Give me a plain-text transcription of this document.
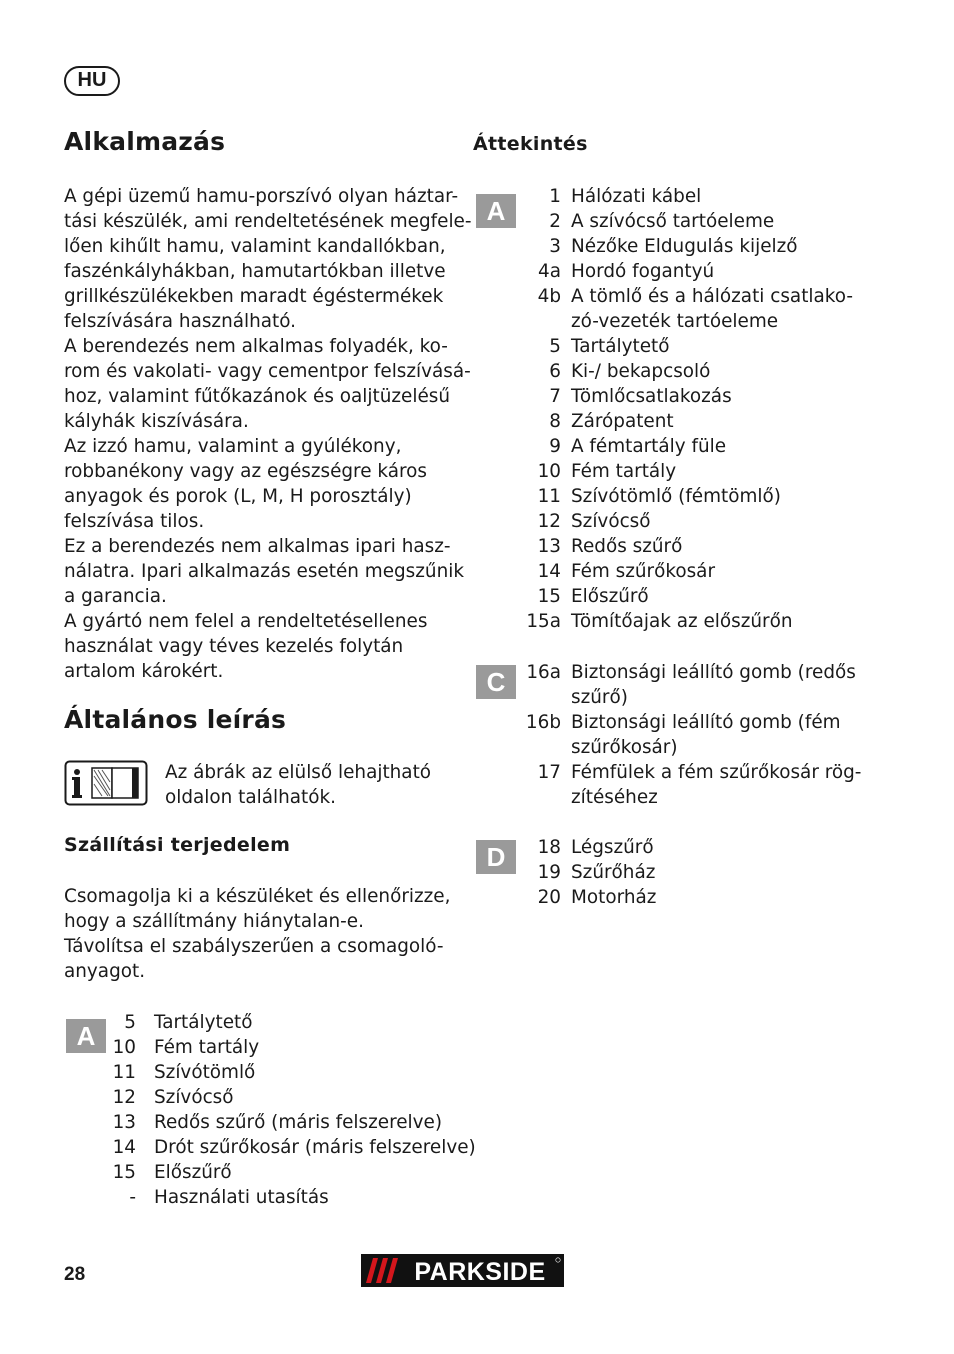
HU
Alkalmazás
A gépi üzemű hamu-porszívó olyan háztar-
tási készülék, ami rendeltetésének megfele-
lően kihűlt hamu, valamint kandallókban,
faszénkályhákban, hamutartókban illetve
grillkészülékekben maradt égéstermékek
felszívására használható.
A berendezés nem alkalmas folyadék, ko-
rom és vakolati- vagy cementpor felszívásá-
hoz, valamint fűtőkazánok és oaljtüzelésű
kályhák kiszívására.
Az izzó hamu, valamint a gyúlékony,
robbanékony vagy az egészségre káros
anyagok és porok (L, M, H porosztály)
felszívása tilos.
Ez a berendezés nem alkalmas ipari hasz-
nálatra. Ipari alkalmazás esetén megszűnik
a garancia.
A gyártó nem felel a rendeltetésellenes
használat vagy téves kezelés folytán
artalom károkért.
Általános leírás
Az ábrák az elülső lehajtható
oldalon találhatók.
Szállítási terjedelem
Csomagolja ki a készüléket és ellenőrizze,
hogy a szállítmány hiánytalan-e.
Távolítsa el szabályszerűen a csomagoló-
anyagot.
A	5 Tartálytető
10 Fém tartály
11 Szívótömlő
12 Szívócső
13 Redős szűrő (máris felszerelve)
14 Drót szűrőkosár (máris felszerelve)
15 Előszűrő
- Használati utasítás
Áttekintés
A	1 Hálózati kábel
2 A szívócső tartóeleme
3 Nézőke Eldugulás kijelző
4a Hordó fogantyú
4b A tömlő és a hálózati csatlako-
zó-vezeték tartóeleme
5 Tartálytető
6 Ki-/ bekapcsoló
7 Tömlőcsatlakozás
8 Zárópatent
9 A fémtartály füle
10 Fém tartály
11 Szívótömlő (fémtömlő)
12 Szívócső
13 Redős szűrő
14 Fém szűrőkosár
15 Előszűrő
15a Tömítőajak az előszűrőn
C	16a Biztonsági leállító gomb (redős
szűrő)
16b Biztonsági leállító gomb (fém
szűrőkosár)
17 Fémfülek a fém szűrőkosár rög-
zítéséhez
D	18 Légszűrő
19 Szűrőház
20 Motorház
28	PARKSIDE
